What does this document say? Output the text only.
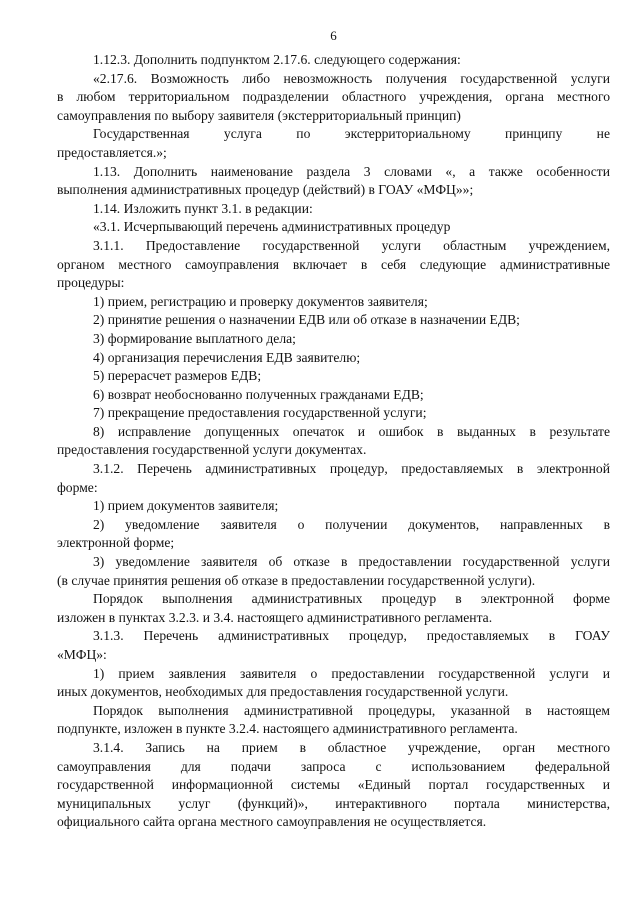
6
1.12.3. Дополнить подпунктом 2.17.6. следующего содержания:
«2.17.6. Возможность либо невозможность получения государственной услуги
в любом территориальном подразделении областного учреждения, органа местного
самоуправления по выбору заявителя (экстерриториальный принцип)
Государственная услуга по экстерриториальному принципу не
предоставляется.»;
1.13. Дополнить наименование раздела 3 словами «, а также особенности
выполнения административных процедур (действий) в ГОАУ «МФЦ»»;
1.14. Изложить пункт 3.1. в редакции:
«3.1. Исчерпывающий перечень административных процедур
3.1.1. Предоставление государственной услуги областным учреждением,
органом местного самоуправления включает в себя следующие административные
процедуры:
1) прием, регистрацию и проверку документов заявителя;
2) принятие решения о назначении ЕДВ или об отказе в назначении ЕДВ;
3) формирование выплатного дела;
4) организация перечисления ЕДВ заявителю;
5) перерасчет размеров ЕДВ;
6) возврат необоснованно полученных гражданами ЕДВ;
7) прекращение предоставления государственной услуги;
8) исправление допущенных опечаток и ошибок в выданных в результате
предоставления государственной услуги документах.
3.1.2. Перечень административных процедур, предоставляемых в электронной
форме:
1) прием документов заявителя;
2) уведомление заявителя о получении документов, направленных в
электронной форме;
3) уведомление заявителя об отказе в предоставлении государственной услуги
(в случае принятия решения об отказе в предоставлении государственной услуги).
Порядок выполнения административных процедур в электронной форме
изложен в пунктах 3.2.3. и 3.4. настоящего административного регламента.
3.1.3. Перечень административных процедур, предоставляемых в ГОАУ
«МФЦ»:
1) прием заявления заявителя о предоставлении государственной услуги и
иных документов, необходимых для предоставления государственной услуги.
Порядок выполнения административной процедуры, указанной в настоящем
подпункте, изложен в пункте 3.2.4. настоящего административного регламента.
3.1.4. Запись на прием в областное учреждение, орган местного
самоуправления для подачи запроса с использованием федеральной
государственной информационной системы «Единый портал государственных и
муниципальных услуг (функций)», интерактивного портала министерства,
официального сайта органа местного самоуправления не осуществляется.
